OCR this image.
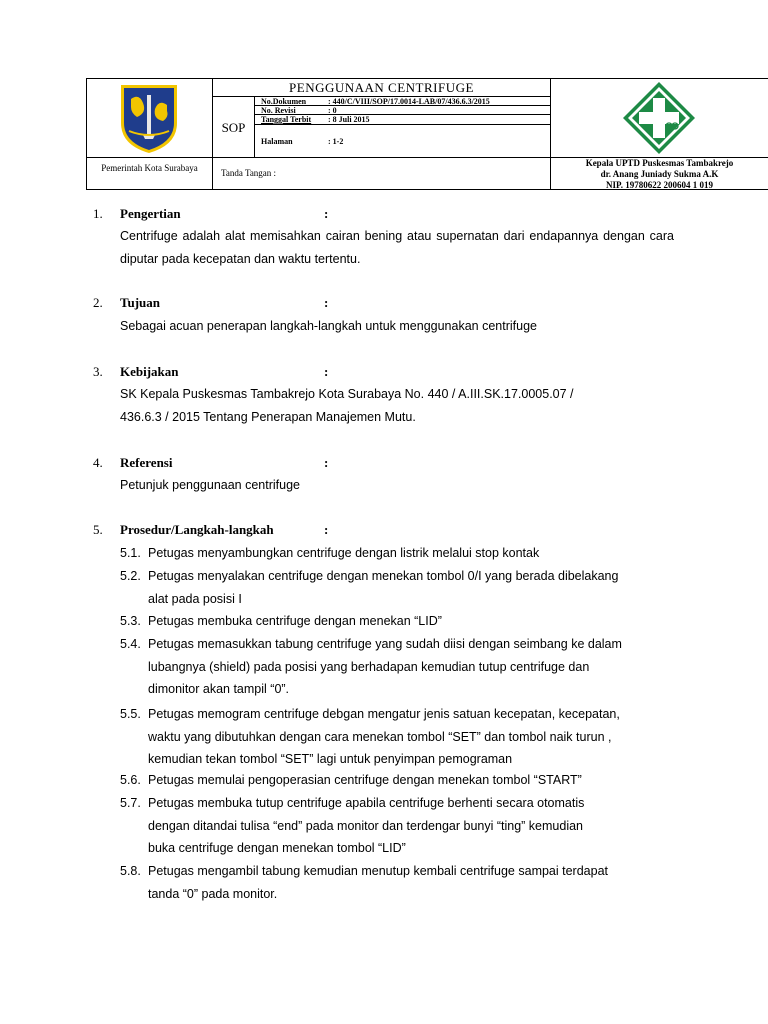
PENGGUNAAN CENTRIFUGE
SOP
No.Dokumen	: 440/C/VIII/SOP/17.0014-LAB/07/436.6.3/2015
No. Revisi	: 0
Tanggal Terbit : 8 Juli 2015
Halaman	: 1-2
Pemerintah Kota Surabaya	Tanda Tangan :
Kepala UPTD Puskesmas Tambakrejo
dr. Anang Juniady Sukma A.K
NIP. 19780622 200604 1 019
1. Pengertian	:
Centrifuge adalah alat memisahkan cairan bening atau supernatan dari endapannya dengan cara diputar pada kecepatan dan waktu tertentu.
2. Tujuan	:
Sebagai acuan penerapan langkah-langkah untuk menggunakan centrifuge
3. Kebijakan	:
SK Kepala Puskesmas Tambakrejo Kota Surabaya No. 440 / A.III.SK.17.0005.07 /
436.6.3 / 2015 Tentang Penerapan Manajemen Mutu.
4. Referensi	:
Petunjuk penggunaan centrifuge
5. Prosedur/Langkah-langkah	:
5.1. Petugas menyambungkan centrifuge dengan listrik melalui stop kontak
5.2. Petugas menyalakan centrifuge dengan menekan tombol 0/I yang berada dibelakang
alat pada posisi I
5.3. Petugas membuka centrifuge dengan menekan “LID”
5.4. Petugas memasukkan tabung centrifuge yang sudah diisi dengan seimbang ke dalam
lubangnya (shield) pada posisi yang berhadapan kemudian tutup centrifuge dan
dimonitor akan tampil “0”.
5.5. Petugas memogram centrifuge debgan mengatur jenis satuan kecepatan, kecepatan,
waktu yang dibutuhkan dengan cara menekan tombol “SET” dan tombol naik turun ,
kemudian tekan tombol “SET” lagi untuk penyimpan pemograman
5.6. Petugas memulai pengoperasian centrifuge dengan menekan tombol “START”
5.7. Petugas membuka tutup centrifuge apabila centrifuge berhenti secara otomatis
dengan ditandai tulisa “end” pada monitor dan terdengar bunyi “ting” kemudian
buka centrifuge dengan menekan tombol “LID”
5.8. Petugas mengambil tabung kemudian menutup kembali centrifuge sampai terdapat
tanda “0” pada monitor.
